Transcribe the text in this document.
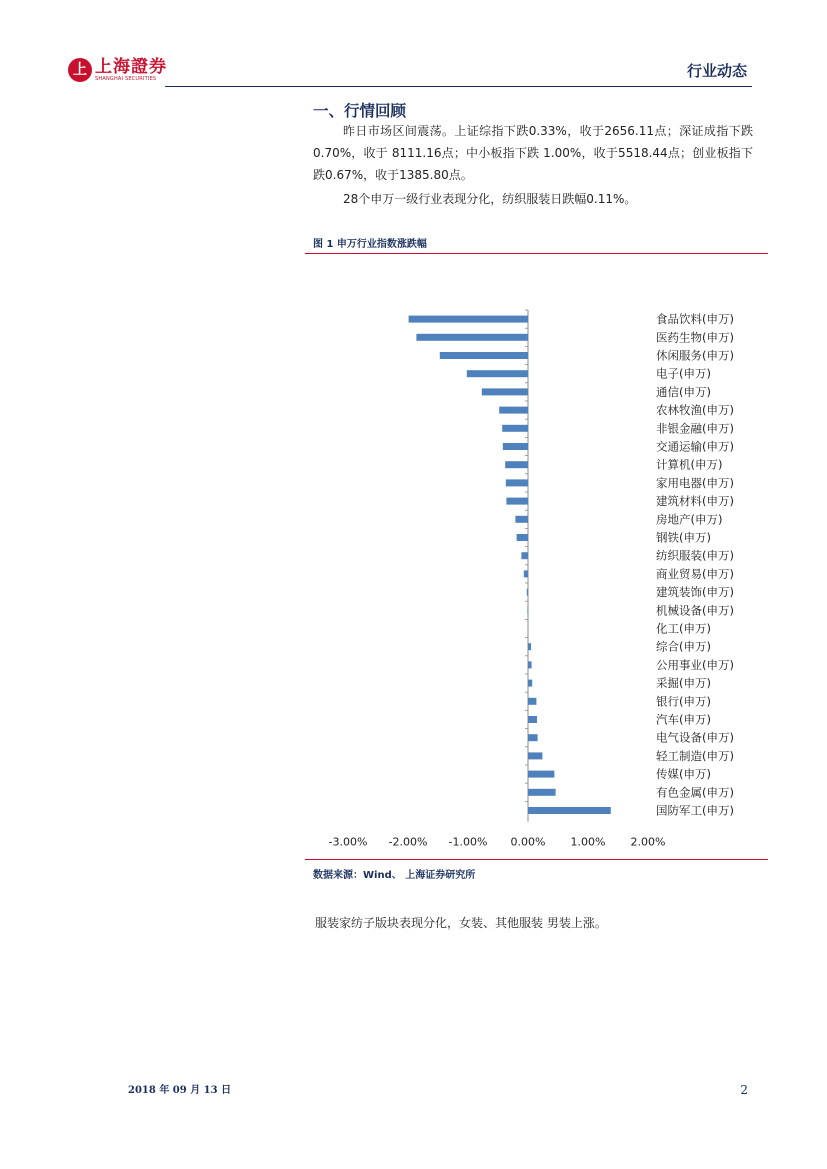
上 上海證券
SHANGHAI SECURITIES	行业动态
一、行情回顾
昨日市场区间震荡。上证综指下跌0.33%，收于2656.11点；深证成指下跌 0.70%，收于 8111.16点；中小板指下跌 1.00%，收于5518.44点；创业板指下跌0.67%，收于1385.80点。
28个申万一级行业表现分化，纺织服装日跌幅0.11%。
图 1 申万行业指数涨跌幅
食品饮料(申万)
医药生物(申万)
休闲服务(申万)
电子(申万)
通信(申万)
农林牧渔(申万)
非银金融(申万)
交通运输(申万)
计算机(申万)
家用电器(申万)
建筑材料(申万)
房地产(申万)
钢铁(申万)
纺织服装(申万)
商业贸易(申万)
建筑装饰(申万)
机械设备(申万)
化工(申万)
综合(申万)
公用事业(申万)
采掘(申万)
银行(申万)
汽车(申万)
电气设备(申万)
轻工制造(申万)
传媒(申万)
有色金属(申万)
国防军工(申万)
-3.00% -2.00% -1.00% 0.00% 1.00% 2.00%
数据来源：Wind、 上海证券研究所
服装家纺子版块表现分化，女装、其他服装 男装上涨。
2018 年 09 月 13 日	2
